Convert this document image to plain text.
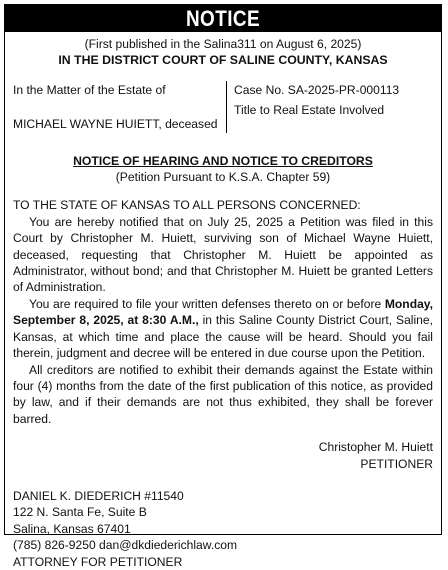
NOTICE
(First published in the Salina311 on August 6, 2025)
IN THE DISTRICT COURT OF SALINE COUNTY, KANSAS
In the Matter of the Estate of
MICHAEL WAYNE HUIETT, deceased
Case No. SA-2025-PR-000113
Title to Real Estate Involved
NOTICE OF HEARING AND NOTICE TO CREDITORS
(Petition Pursuant to K.S.A. Chapter 59)

TO THE STATE OF KANSAS TO ALL PERSONS CONCERNED:

You are hereby notified that on July 25, 2025 a Petition was filed in this Court by Christopher M. Huiett, surviving son of Michael Wayne Huiett, deceased, requesting that Christopher M. Huiett be appointed as Administrator, without bond; and that Christopher M. Huiett be granted Letters of Administration.

You are required to file your written defenses thereto on or before Monday, September 8, 2025, at 8:30 A.M., in this Saline County District Court, Saline, Kansas, at which time and place the cause will be heard. Should you fail therein, judgment and decree will be entered in due course upon the Petition.

All creditors are notified to exhibit their demands against the Estate within four (4) months from the date of the first publication of this notice, as provided by law, and if their demands are not thus exhibited, they shall be forever barred.

Christopher M. Huiett
PETITIONER
DANIEL K. DIEDERICH #11540
122 N. Santa Fe, Suite B
Salina, Kansas 67401
(785) 826-9250 dan@dkdiederichlaw.com
ATTORNEY FOR PETITIONER
